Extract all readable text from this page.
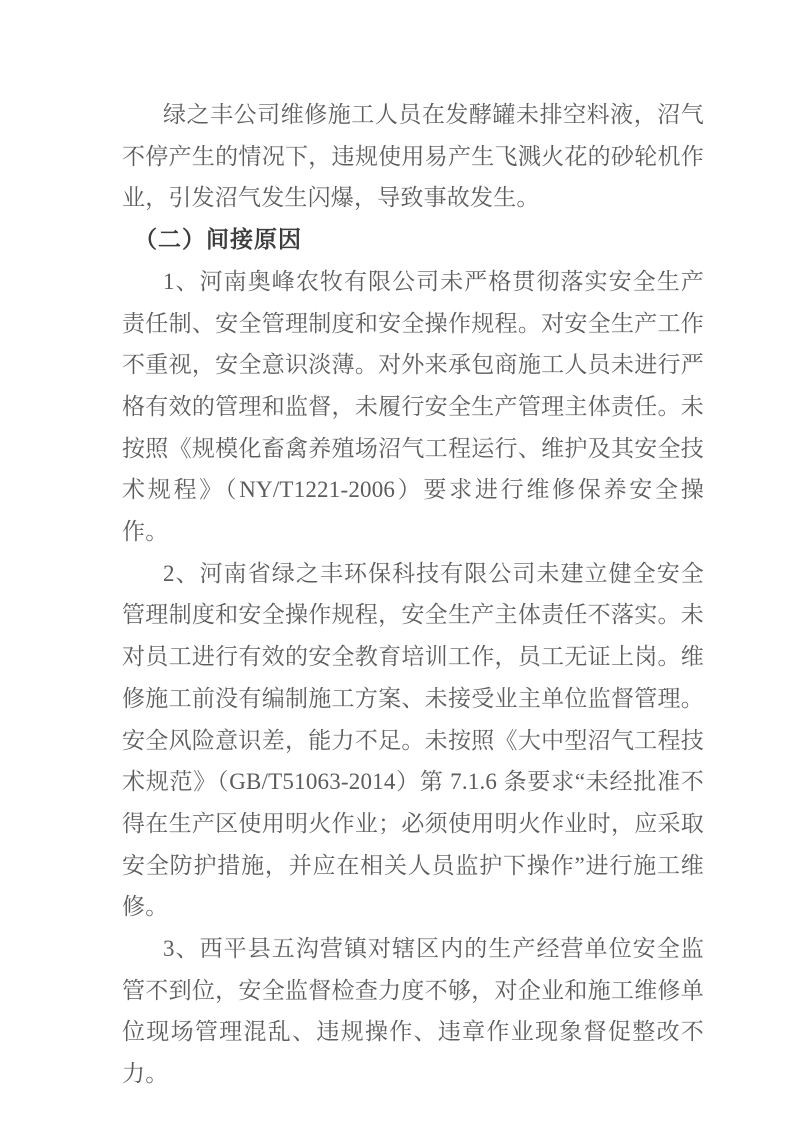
绿之丰公司维修施工人员在发酵罐未排空料液，沼气不停产生的情况下，违规使用易产生飞溅火花的砂轮机作业，引发沼气发生闪爆，导致事故发生。

（二）间接原因

1、河南奥峰农牧有限公司未严格贯彻落实安全生产责任制、安全管理制度和安全操作规程。对安全生产工作不重视，安全意识淡薄。对外来承包商施工人员未进行严格有效的管理和监督，未履行安全生产管理主体责任。未按照《规模化畜禽养殖场沼气工程运行、维护及其安全技术规程》（NY/T1221-2006）要求进行维修保养安全操作。

2、河南省绿之丰环保科技有限公司未建立健全安全管理制度和安全操作规程，安全生产主体责任不落实。未对员工进行有效的安全教育培训工作，员工无证上岗。维修施工前没有编制施工方案、未接受业主单位监督管理。安全风险意识差，能力不足。未按照《大中型沼气工程技术规范》（GB/T51063-2014）第 7.1.6 条要求“未经批准不得在生产区使用明火作业；必须使用明火作业时，应采取安全防护措施，并应在相关人员监护下操作”进行施工维修。

3、西平县五沟营镇对辖区内的生产经营单位安全监管不到位，安全监督检查力度不够，对企业和施工维修单位现场管理混乱、违规操作、违章作业现象督促整改不力。
